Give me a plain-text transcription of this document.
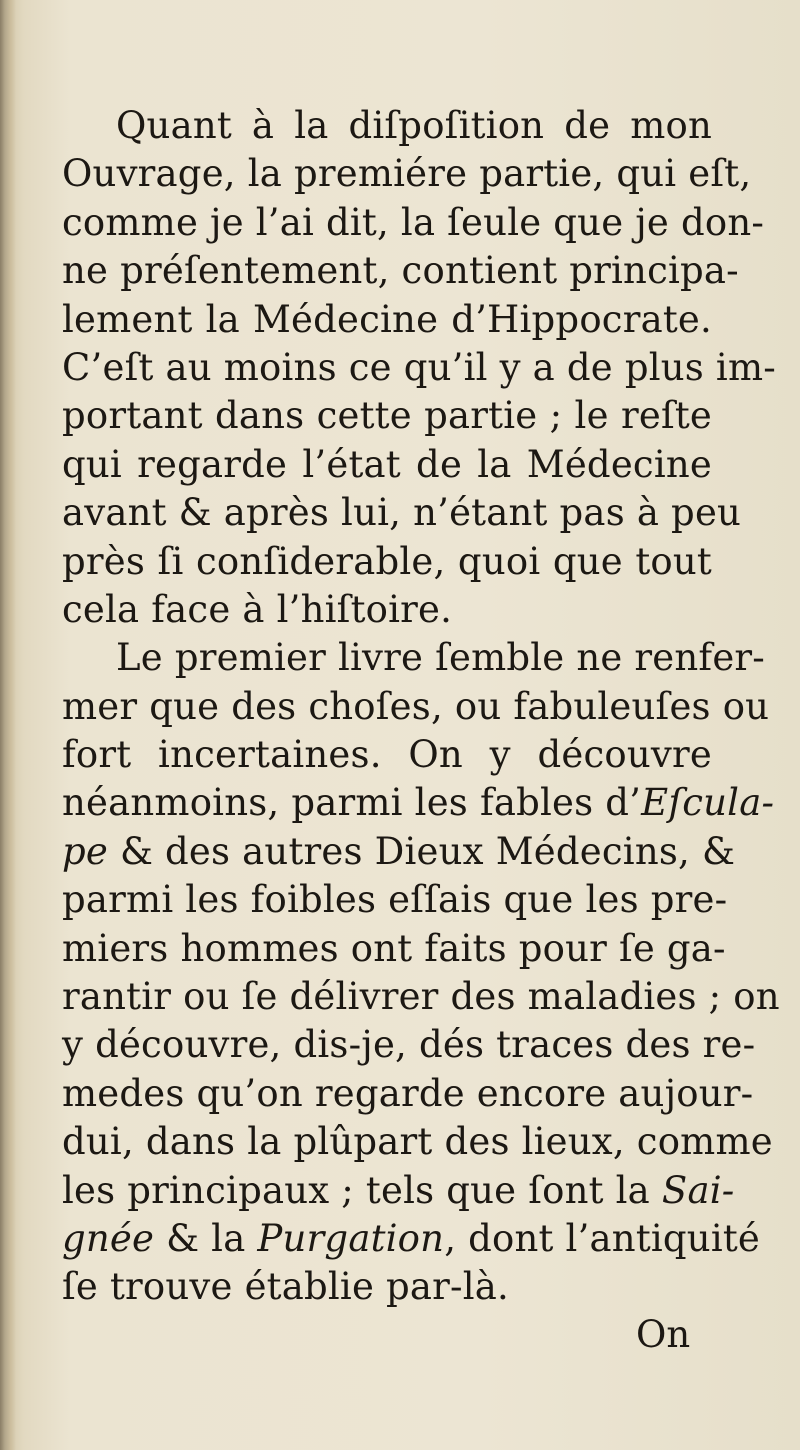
Quant à la diſpoſition de mon
Ouvrage, la premiére partie, qui eſt,
comme je l’ai dit, la ſeule que je don-
ne préſentement, contient principa-
lement la Médecine d’Hippocrate.
C’eſt au moins ce qu’il y a de plus im-
portant dans cette partie ; le reſte
qui regarde l’état de la Médecine
avant & après lui, n’étant pas à peu
près ſi conſiderable, quoi que tout
cela face à l’hiſtoire.
Le premier livre ſemble ne renfer-
mer que des choſes, ou fabuleuſes ou
fort incertaines. On y découvre
néanmoins, parmi les fables d’Eſcula-
pe & des autres Dieux Médecins, &
parmi les foibles eſſais que les pre-
miers hommes ont faits pour ſe ga-
rantir ou ſe délivrer des maladies ; on
y découvre, dis-je, dés traces des re-
medes qu’on regarde encore aujour-
dui, dans la plûpart des lieux, comme
les principaux ; tels que ſont la Sai-
gnée & la Purgation, dont l’antiquité
ſe trouve établie par-là.
On
